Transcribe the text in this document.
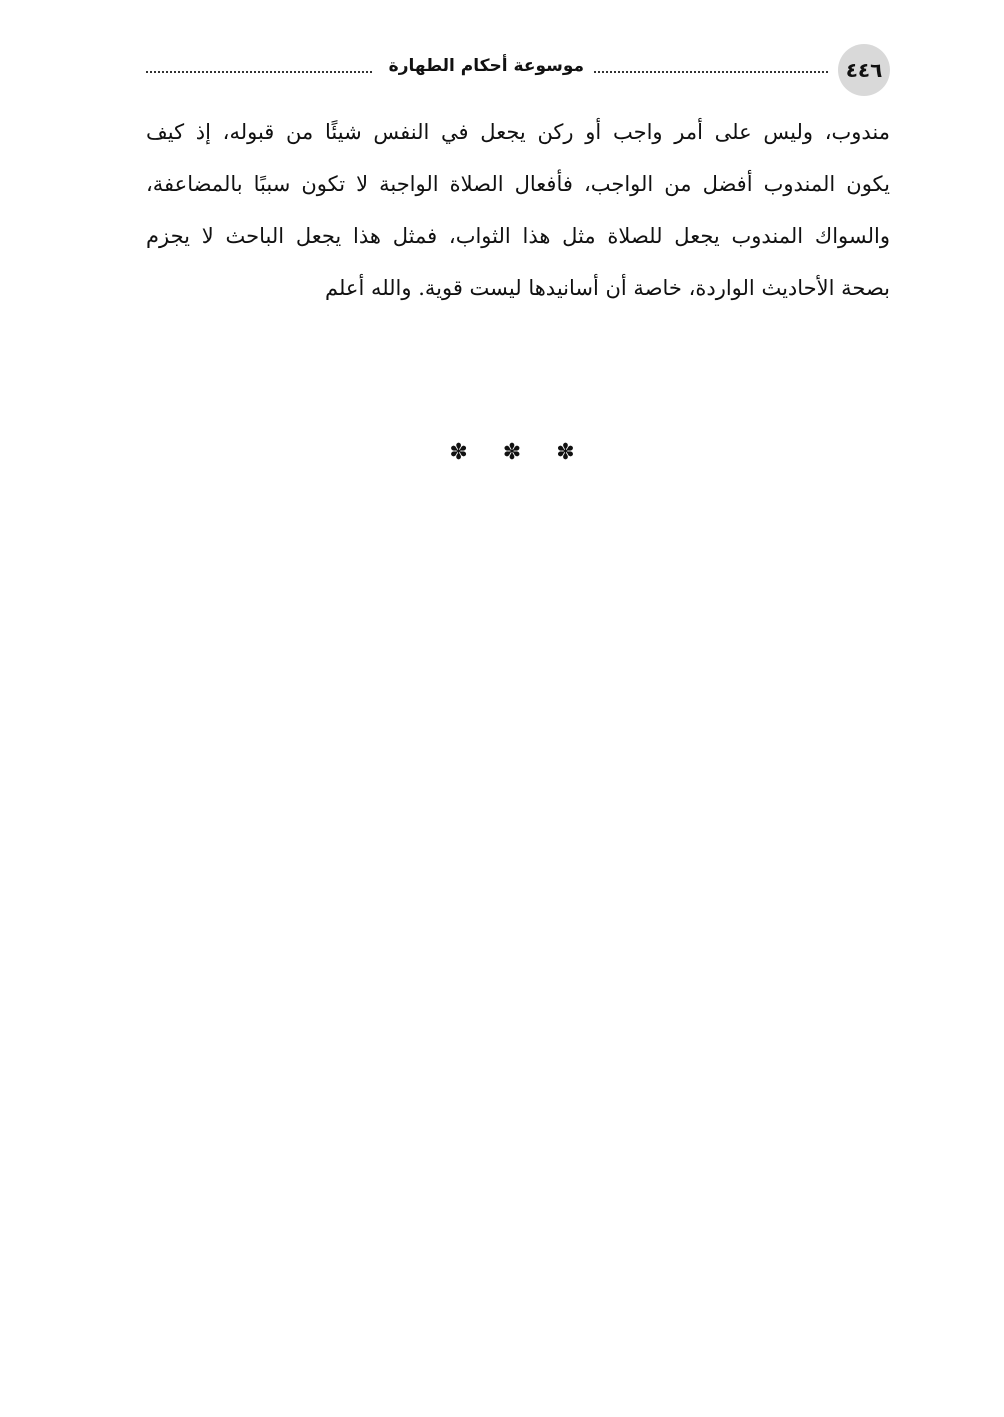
٤٤٦
موسوعة أحكام الطهارة
مندوب، وليس على أمر واجب أو ركن يجعل في النفس شيئًا من قبوله، إذ كيف
يكون المندوب أفضل من الواجب، فأفعال الصلاة الواجبة لا تكون سببًا بالمضاعفة،
والسواك المندوب يجعل للصلاة مثل هذا الثواب، فمثل هذا يجعل الباحث لا يجزم
بصحة الأحاديث الواردة، خاصة أن أسانيدها ليست قوية. والله أعلم
✽ ✽ ✽
